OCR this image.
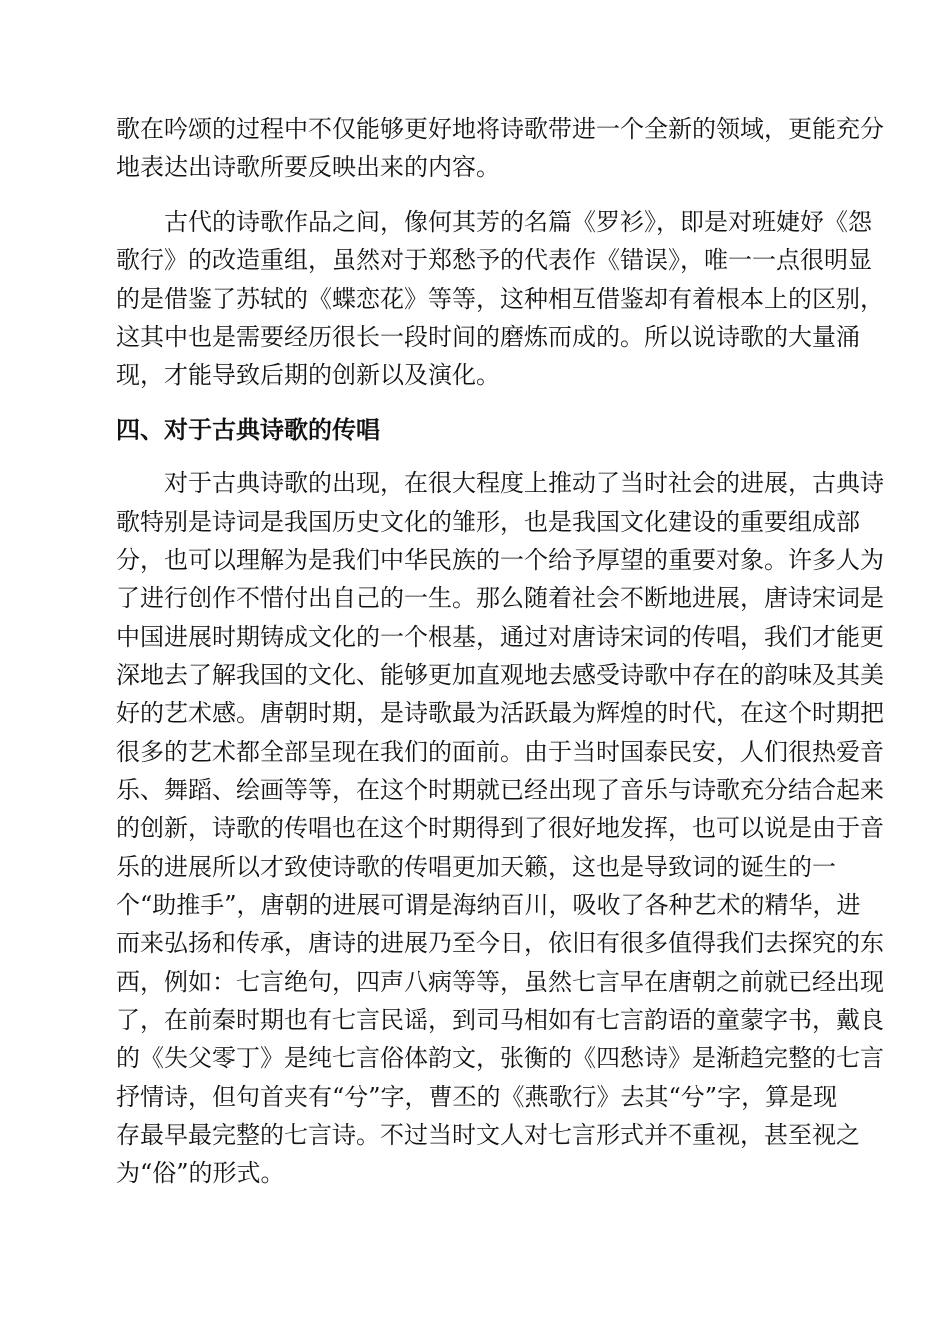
歌在吟颂的过程中不仅能够更好地将诗歌带进一个全新的领域，更能充分
地表达出诗歌所要反映出来的内容。
古代的诗歌作品之间，像何其芳的名篇《罗衫》，即是对班婕妤《怨
歌行》的改造重组，虽然对于郑愁予的代表作《错误》，唯一一点很明显
的是借鉴了苏轼的《蝶恋花》等等，这种相互借鉴却有着根本上的区别，
这其中也是需要经历很长一段时间的磨炼而成的。所以说诗歌的大量涌
现，才能导致后期的创新以及演化。
四、对于古典诗歌的传唱
对于古典诗歌的出现，在很大程度上推动了当时社会的进展，古典诗
歌特别是诗词是我国历史文化的雏形，也是我国文化建设的重要组成部
分，也可以理解为是我们中华民族的一个给予厚望的重要对象。许多人为
了进行创作不惜付出自己的一生。那么随着社会不断地进展，唐诗宋词是
中国进展时期铸成文化的一个根基，通过对唐诗宋词的传唱，我们才能更
深地去了解我国的文化、能够更加直观地去感受诗歌中存在的韵味及其美
好的艺术感。唐朝时期，是诗歌最为活跃最为辉煌的时代，在这个时期把
很多的艺术都全部呈现在我们的面前。由于当时国泰民安，人们很热爱音
乐、舞蹈、绘画等等，在这个时期就已经出现了音乐与诗歌充分结合起来
的创新，诗歌的传唱也在这个时期得到了很好地发挥，也可以说是由于音
乐的进展所以才致使诗歌的传唱更加天籁，这也是导致词的诞生的一
个“助推手”，唐朝的进展可谓是海纳百川，吸收了各种艺术的精华，进
而来弘扬和传承，唐诗的进展乃至今日，依旧有很多值得我们去探究的东
西，例如：七言绝句，四声八病等等，虽然七言早在唐朝之前就已经出现
了，在前秦时期也有七言民谣，到司马相如有七言韵语的童蒙字书，戴良
的《失父零丁》是纯七言俗体韵文，张衡的《四愁诗》是渐趋完整的七言
抒情诗，但句首夹有“兮”字，曹丕的《燕歌行》去其“兮”字，算是现
存最早最完整的七言诗。不过当时文人对七言形式并不重视，甚至视之
为“俗”的形式。
